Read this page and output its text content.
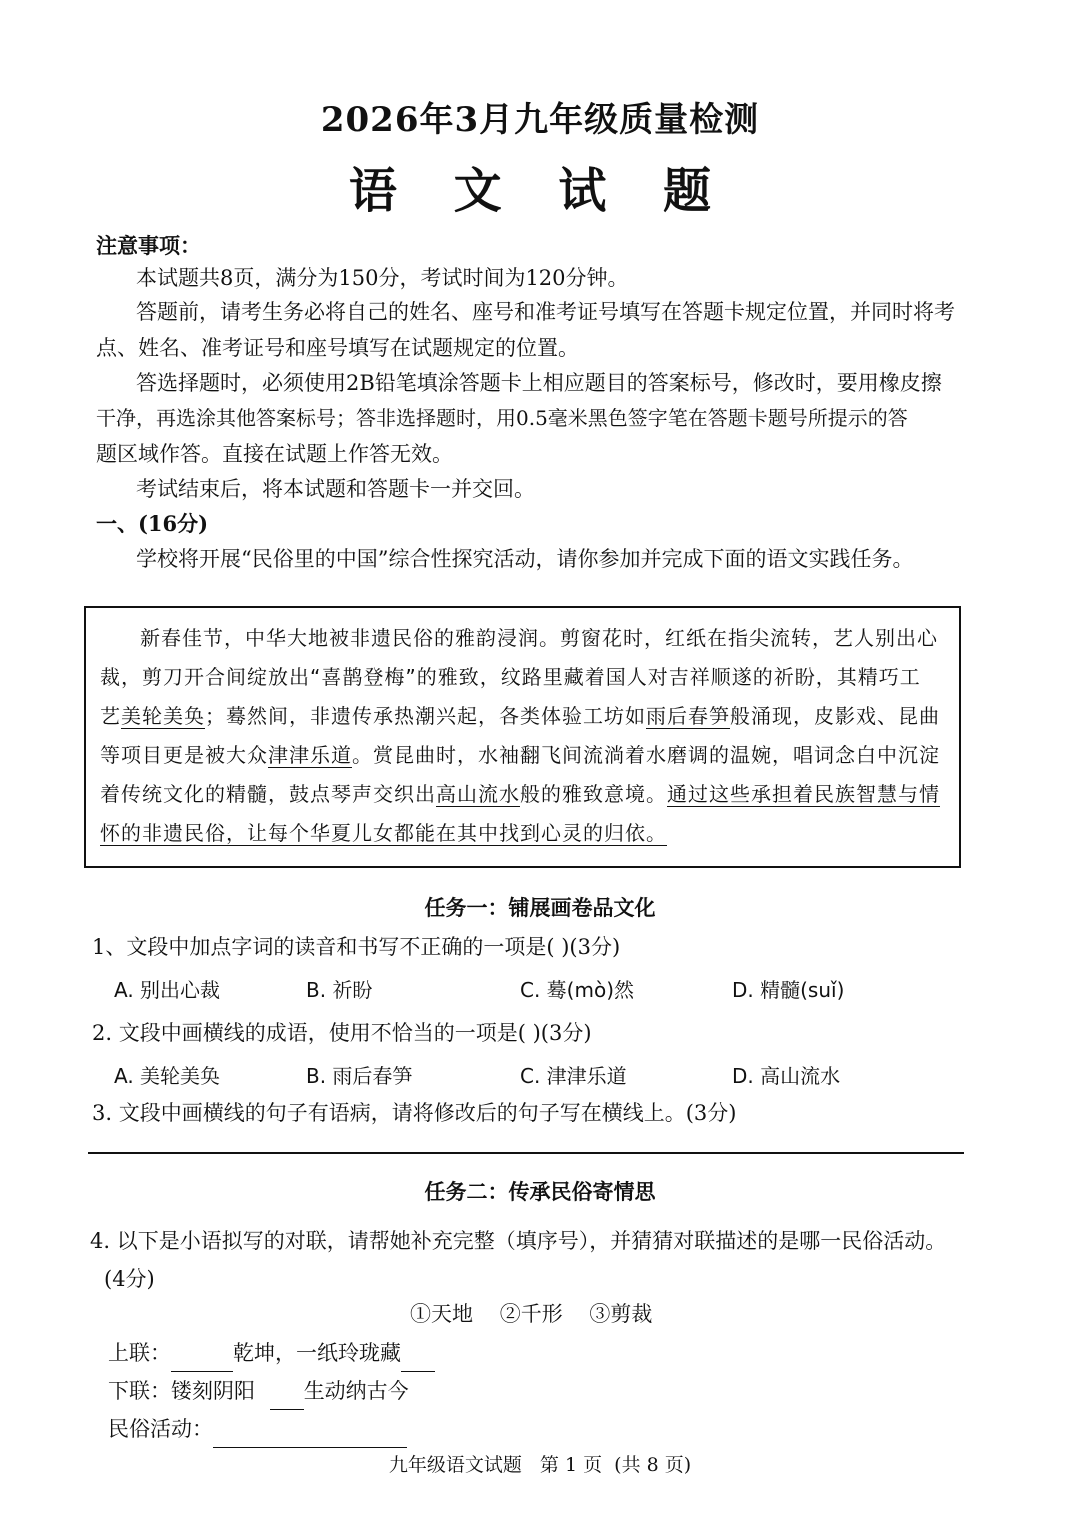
2026年3月九年级质量检测
语 文 试 题
注意事项：
本试题共8页，满分为150分，考试时间为120分钟。
答题前，请考生务必将自己的姓名、座号和准考证号填写在答题卡规定位置，并同时将考
点、姓名、准考证号和座号填写在试题规定的位置。
答选择题时，必须使用2B铅笔填涂答题卡上相应题目的答案标号，修改时，要用橡皮擦
干净，再选涂其他答案标号；答非选择题时，用0.5毫米黑色签字笔在答题卡题号所提示的答
题区域作答。直接在试题上作答无效。
考试结束后，将本试题和答题卡一并交回。
一、(16分)
学校将开展“民俗里的中国”综合性探究活动，请你参加并完成下面的语文实践任务。
新春佳节，中华大地被非遗民俗的雅韵浸润。剪窗花时，红纸在指尖流转，艺人别出心
裁，剪刀开合间绽放出“喜鹊登梅”的雅致，纹路里藏着国人对吉祥顺遂的祈盼，其精巧工
艺美轮美奂；蓦然间，非遗传承热潮兴起，各类体验工坊如雨后春笋般涌现，皮影戏、昆曲
等项目更是被大众津津乐道。赏昆曲时，水袖翻飞间流淌着水磨调的温婉，唱词念白中沉淀
着传统文化的精髓，鼓点琴声交织出高山流水般的雅致意境。通过这些承担着民族智慧与情
怀的非遗民俗，让每个华夏儿女都能在其中找到心灵的归依。
任务一：铺展画卷品文化
1、文段中加点字词的读音和书写不正确的一项是( )(3分)
A. 别出心裁	B. 祈盼	C. 蓦(mò)然	D. 精髓(suǐ)
2. 文段中画横线的成语，使用不恰当的一项是( )(3分)
A. 美轮美奂	B. 雨后春笋	C. 津津乐道	D. 高山流水
3. 文段中画横线的句子有语病，请将修改后的句子写在横线上。(3分)
任务二：传承民俗寄情思
4. 以下是小语拟写的对联，请帮她补充完整（填序号），并猜猜对联描述的是哪一民俗活动。
(4分)
①天地    ②千形    ③剪裁
上联：	乾坤，一纸玲珑藏
下联：镂刻阴阳 生动纳古今
民俗活动：
九年级语文试题   第 1 页  (共 8 页)
